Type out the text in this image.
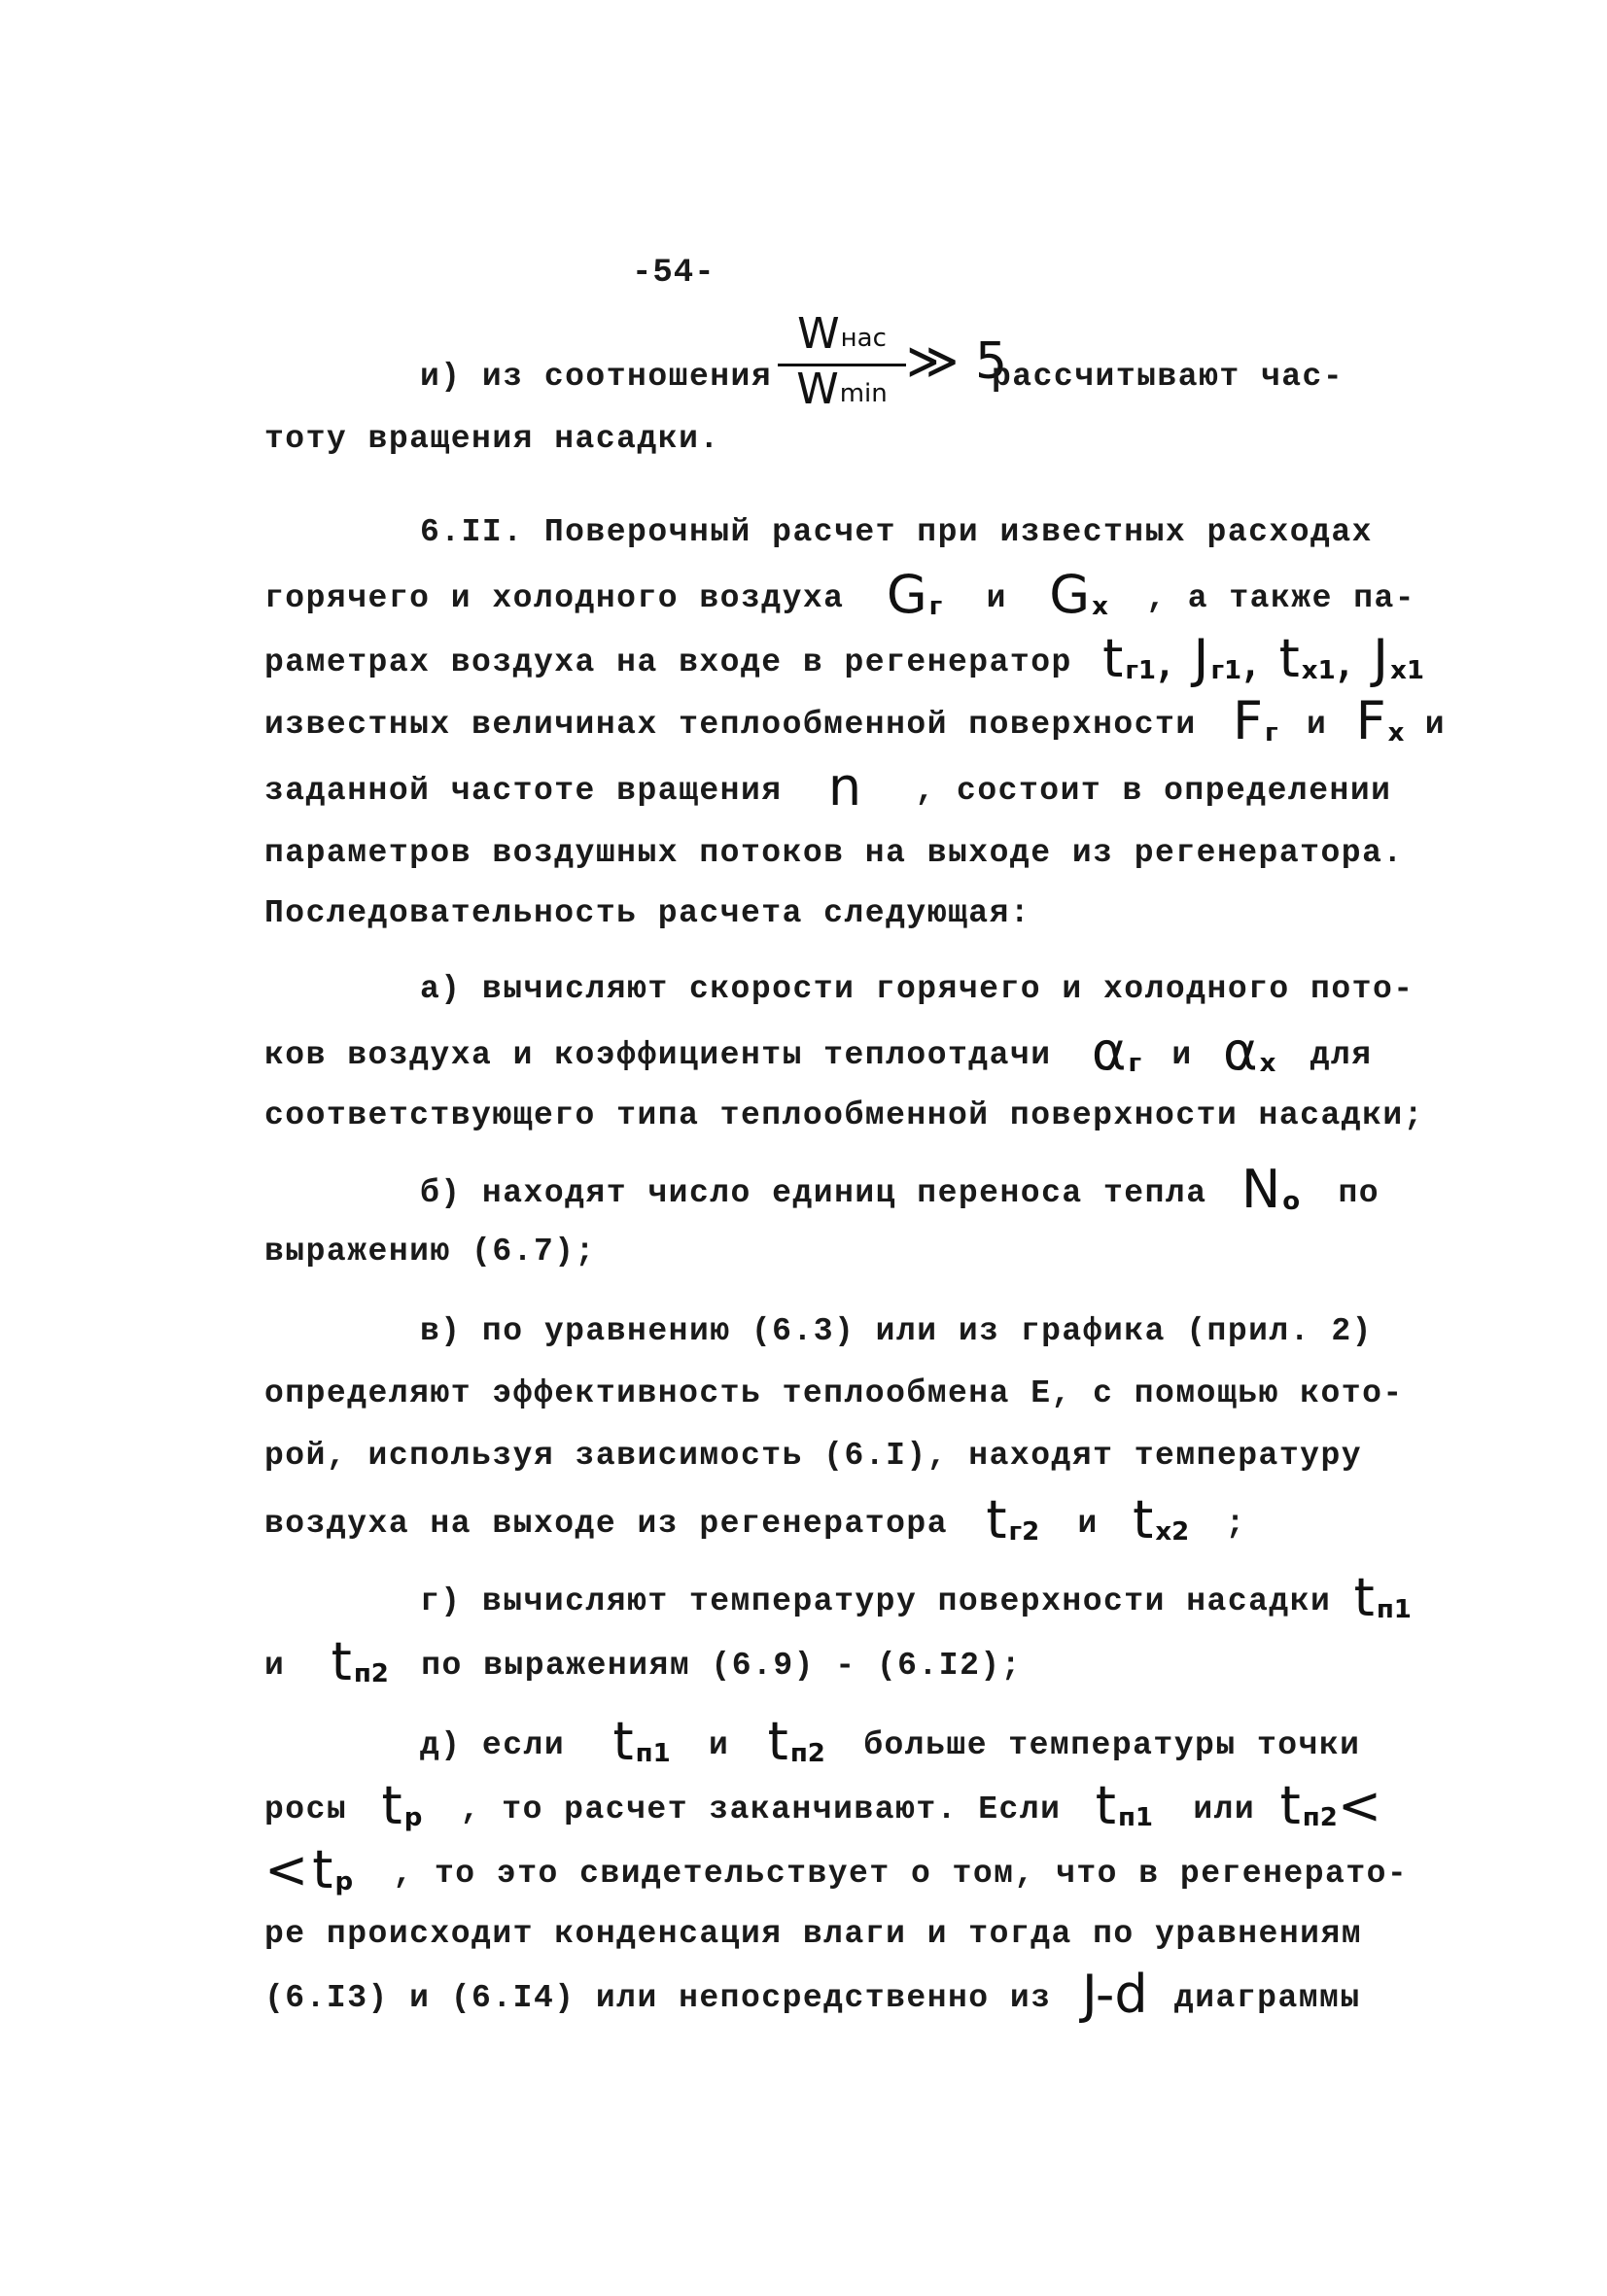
-54-
и) из соотношения
$W_{нас}$
$W_{min}$
≫ 5
рассчитывают час-
тоту вращения насадки.
6.II. Поверочный расчет при известных расходах
горячего и холодного воздуха $G_г$ и $G_х$ , а также па-
раметрах воздуха на входе в регенератор $t_{г1}$, $J_{г1}$, $t_{х1}$, $J_{х1}$
известных величинах теплообменной поверхности $F_г$ и $F_х$ и
заданной частоте вращения n , состоит в определении
параметров воздушных потоков на выходе из регенератора.
Последовательность расчета следующая:
а) вычисляют скорости горячего и холодного пото-
ков воздуха и коэффициенты теплоотдачи $\alpha_г$ и $\alpha_х$ для
соответствующего типа теплообменной поверхности насадки;
б) находят число единиц переноса тепла $N_о$ по
выражению (6.7);
в) по уравнению (6.3) или из графика (прил. 2)
определяют эффективность теплообмена E, с помощью кото-
рой, используя зависимость (6.I), находят температуру
воздуха на выходе из регенератора $t_{г2}$ и $t_{х2}$ ;
г) вычисляют температуру поверхности насадки $t_{п1}$
и $t_{п2}$ по выражениям (6.9) - (6.I2);
д) если $t_{п1}$ и $t_{п2}$ больше температуры точки
росы $t_р$ , то расчет заканчивают. Если $t_{п1}$ или $t_{п2}<$
$<t_р$ , то это свидетельствует о том, что в регенерато-
ре происходит конденсация влаги и тогда по уравнениям
(6.I3) и (6.I4) или непосредственно из J-d диаграммы
